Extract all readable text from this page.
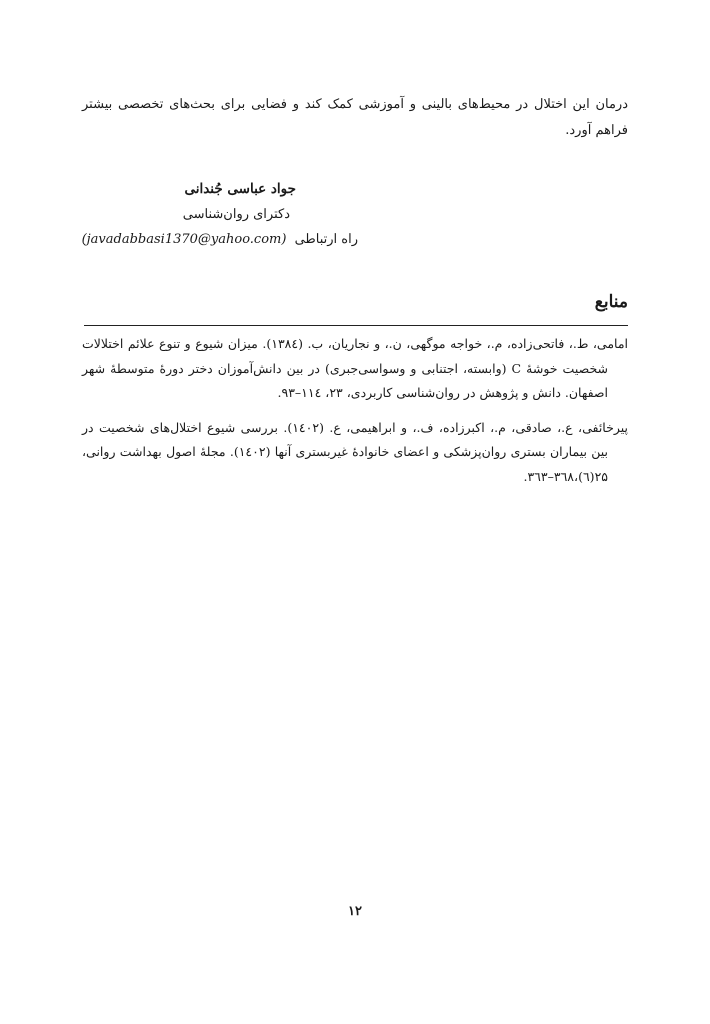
درمان این اختلال در محیط‌های بالینی و آموزشی کمک کند و فضایی برای بحث‌های تخصصی بیشتر فراهم آورد.

جواد عباسی جُندانی
دکترای روان‌شناسی
راه ارتباطی (javadabbasi1370@yahoo.com)
منابع

امامی، ط.، فاتحی‌زاده، م.، خواجه موگهی، ن.، و نجاریان، ب. (۱۳۸٤). میزان شیوع و تنوع علائم اختلالات شخصیت خوشهٔ C (وابسته، اجتنابی و وسواسی‌جبری) در بین دانش‌آموزان دختر دورهٔ متوسطهٔ شهر اصفهان. دانش و پژوهش در روان‌شناسی کاربردی، ۲۳، ۱۱٤–۹۳.

پیرخائفی، ع.، صادقی، م.، اکبرزاده، ف.، و ابراهیمی، ع. (۱٤۰۲). بررسی شیوع اختلال‌های شخصیت در بین بیماران بستری روان‌پزشکی و اعضای خانوادهٔ غیربستری آنها (۱٤۰۲). مجلهٔ اصول بهداشت روانی، ۲۵(٦)،۳٦۸–۳٦۳.

۱۲
